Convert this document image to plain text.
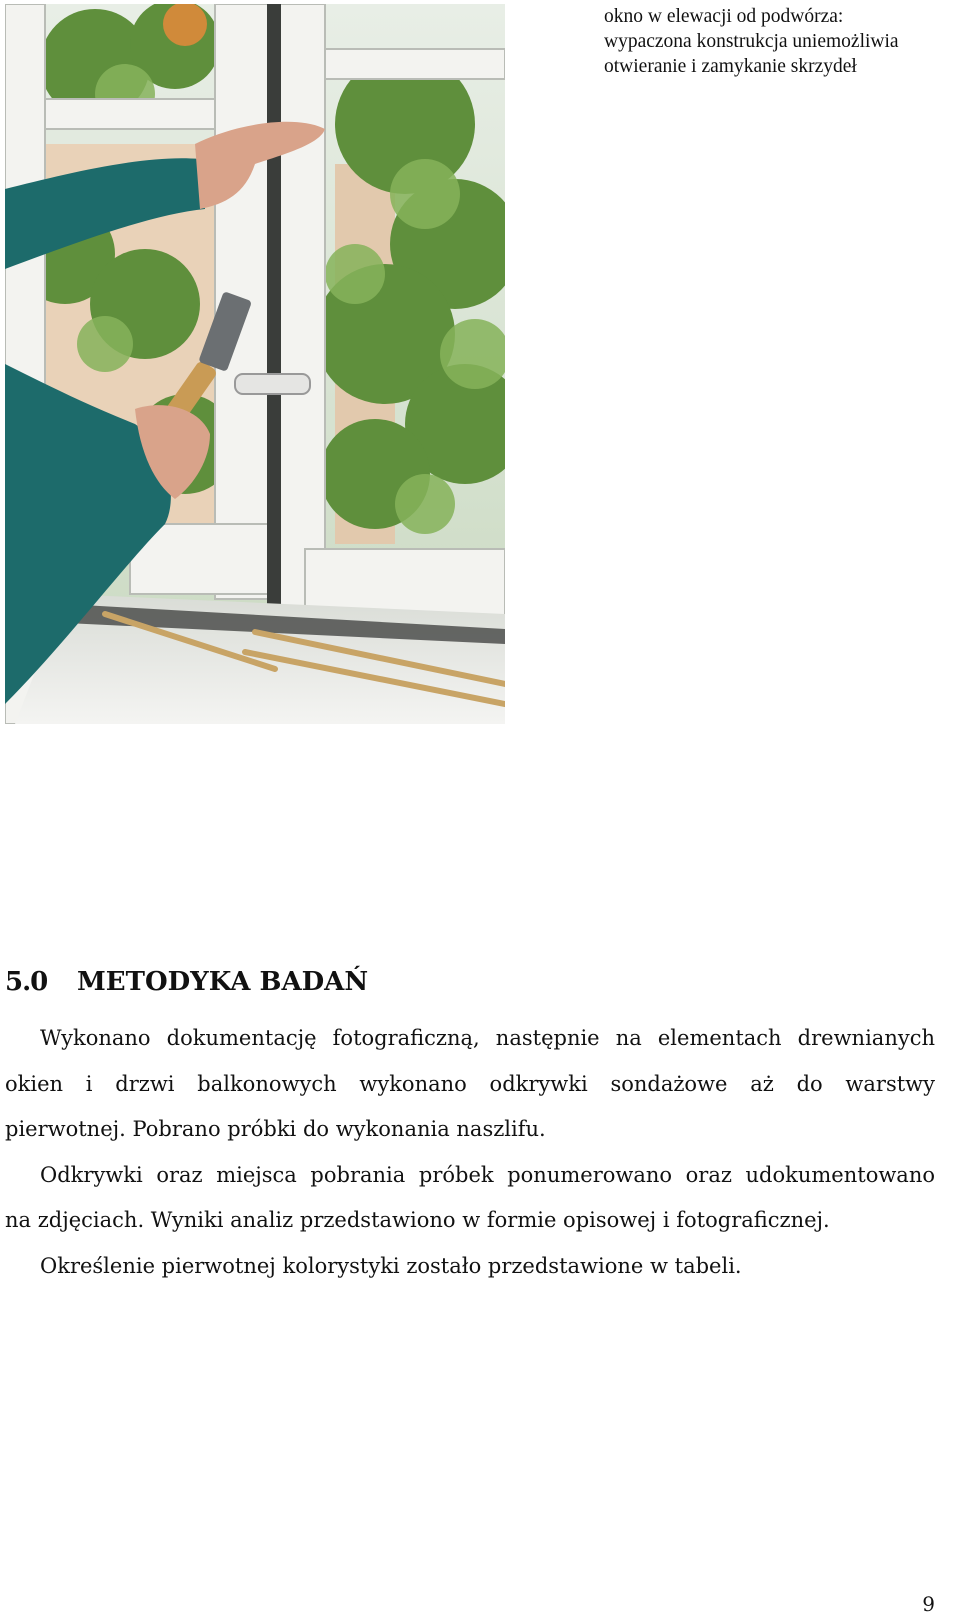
okno w elewacji od podwórza:
wypaczona konstrukcja uniemożliwia
otwieranie i zamykanie skrzydeł
5.0 METODYKA BADAŃ

Wykonano dokumentację fotograficzną, następnie na elementach drewnianych

okien i drzwi balkonowych wykonano odkrywki sondażowe aż do warstwy

pierwotnej. Pobrano próbki do wykonania naszlifu.

Odkrywki oraz miejsca pobrania próbek ponumerowano oraz udokumentowano

na zdjęciach. Wyniki analiz przedstawiono w formie opisowej i fotograficznej.

Określenie pierwotnej kolorystyki zostało przedstawione w tabeli.

9
